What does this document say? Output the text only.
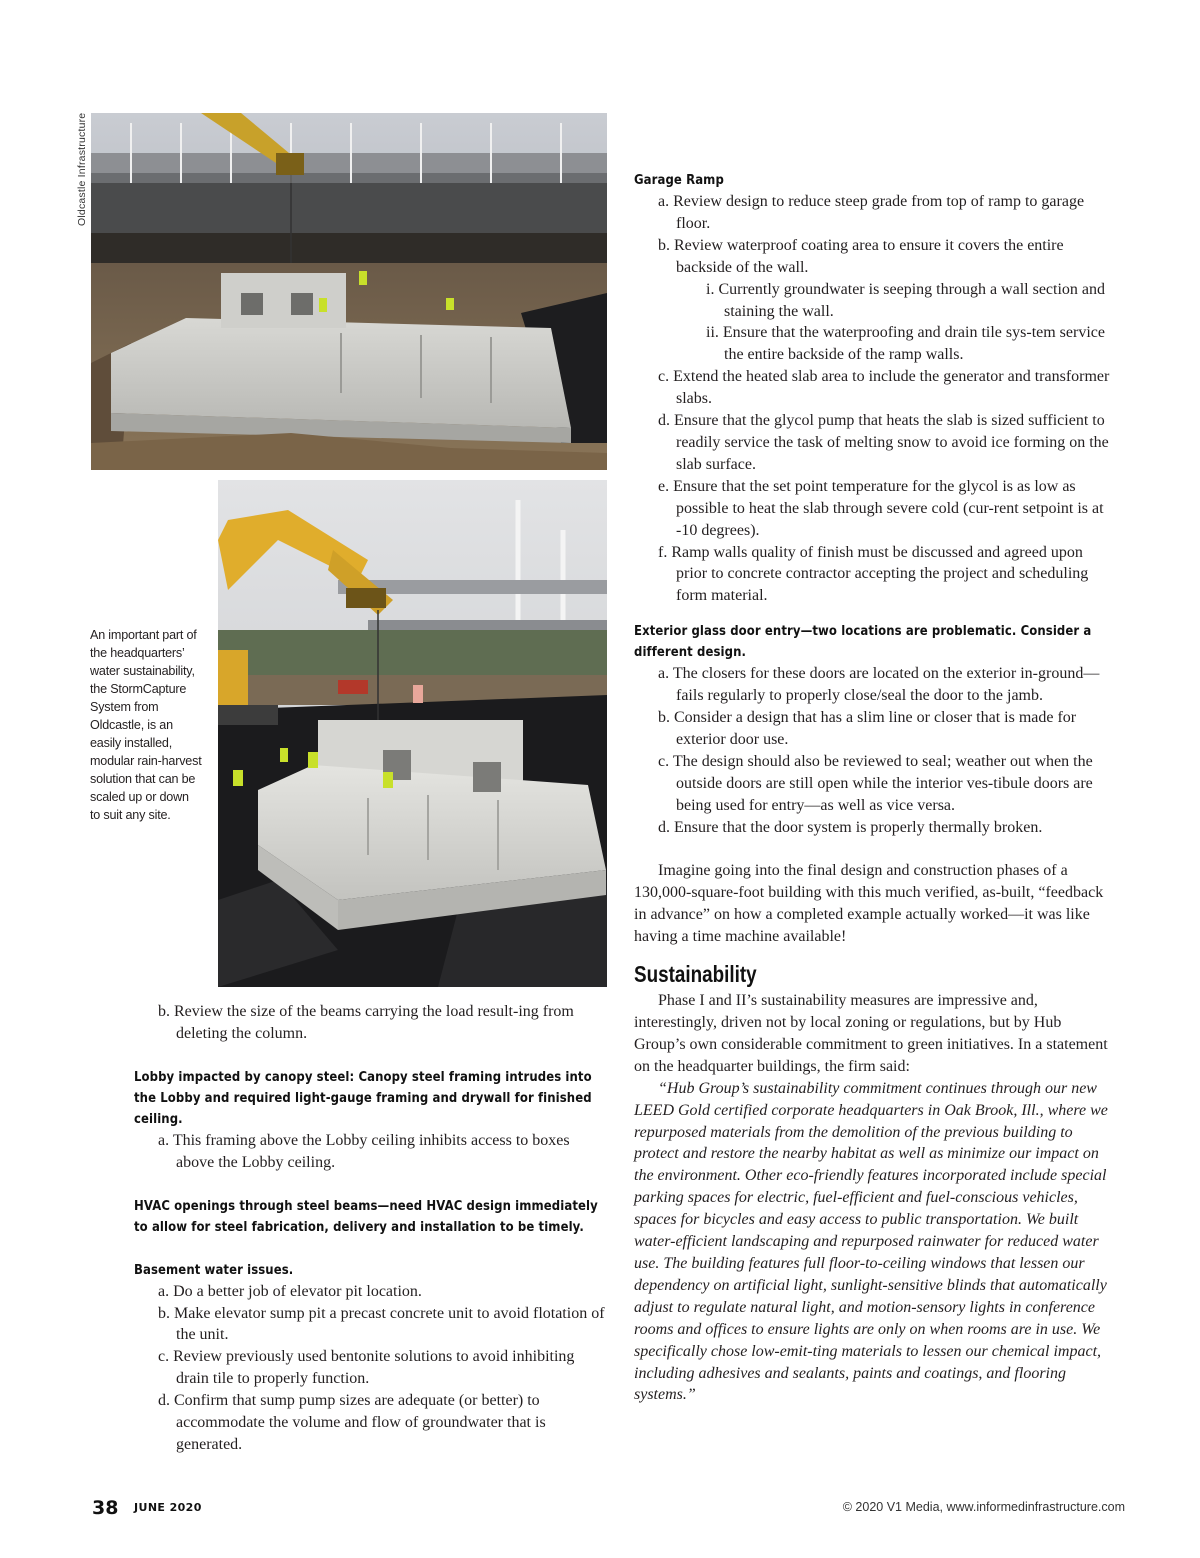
Oldcastle Infrastructure
An important part of the headquarters’ water sustainability, the StormCapture System from Oldcastle, is an easily installed, modular rain-harvest solution that can be scaled up or down to suit any site.
b. Review the size of the beams carrying the load result-ing from deleting the column.
Lobby impacted by canopy steel: Canopy steel framing intrudes into the Lobby and required light-gauge framing and drywall for finished ceiling.
a. This framing above the Lobby ceiling inhibits access to boxes above the Lobby ceiling.
HVAC openings through steel beams—need HVAC design immediately to allow for steel fabrication, delivery and installation to be timely.
Basement water issues.
a. Do a better job of elevator pit location.
b. Make elevator sump pit a precast concrete unit to avoid flotation of the unit.
c. Review previously used bentonite solutions to avoid inhibiting drain tile to properly function.
d. Confirm that sump pump sizes are adequate (or better) to accommodate the volume and flow of groundwater that is generated.
Garage Ramp
a. Review design to reduce steep grade from top of ramp to garage floor.
b. Review waterproof coating area to ensure it covers the entire backside of the wall.
i. Currently groundwater is seeping through a wall section and staining the wall.
ii. Ensure that the waterproofing and drain tile sys-tem service the entire backside of the ramp walls.
c. Extend the heated slab area to include the generator and transformer slabs.
d. Ensure that the glycol pump that heats the slab is sized sufficient to readily service the task of melting snow to avoid ice forming on the slab surface.
e. Ensure that the set point temperature for the glycol is as low as possible to heat the slab through severe cold (cur-rent setpoint is at -10 degrees).
f. Ramp walls quality of finish must be discussed and agreed upon prior to concrete contractor accepting the project and scheduling form material.
Exterior glass door entry—two locations are problematic. Consider a different design.
a. The closers for these doors are located on the exterior in-ground—fails regularly to properly close/seal the door to the jamb.
b. Consider a design that has a slim line or closer that is made for exterior door use.
c. The design should also be reviewed to seal; weather out when the outside doors are still open while the interior ves-tibule doors are being used for entry—as well as vice versa.
d. Ensure that the door system is properly thermally broken.
Imagine going into the final design and construction phases of a 130,000-square-foot building with this much verified, as-built, “feedback in advance” on how a completed example actually worked—it was like having a time machine available!
Sustainability
Phase I and II’s sustainability measures are impressive and, interestingly, driven not by local zoning or regulations, but by Hub Group’s own considerable commitment to green initiatives. In a statement on the headquarter buildings, the firm said:
“Hub Group’s sustainability commitment continues through our new LEED Gold certified corporate headquarters in Oak Brook, Ill., where we repurposed materials from the demolition of the previous building to protect and restore the nearby habitat as well as minimize our impact on the environment. Other eco-friendly features incorporated include special parking spaces for electric, fuel-efficient and fuel-conscious vehicles, spaces for bicycles and easy access to public transportation. We built water-efficient landscaping and repurposed rainwater for reduced water use. The building features full floor-to-ceiling windows that lessen our dependency on artificial light, sunlight-sensitive blinds that automatically adjust to regulate natural light, and motion-sensory lights in conference rooms and offices to ensure lights are only on when rooms are in use. We specifically chose low-emit-ting materials to lessen our chemical impact, including adhesives and sealants, paints and coatings, and flooring systems.”
38 JUNE 2020	© 2020 V1 Media, www.informedinfrastructure.com
